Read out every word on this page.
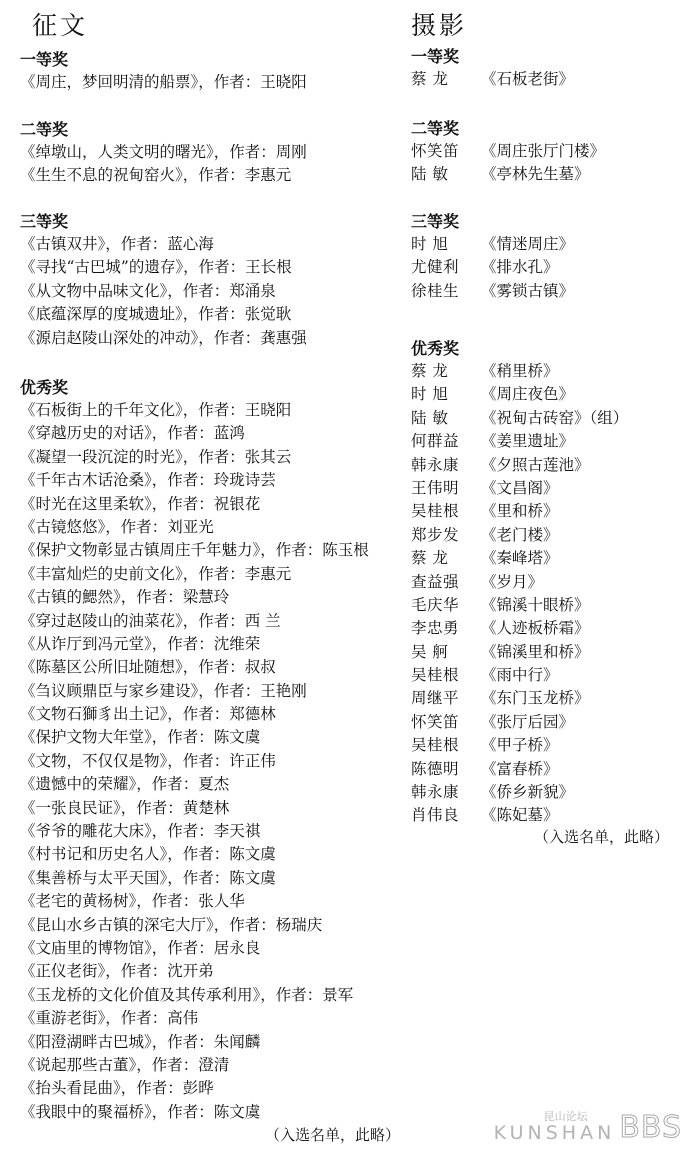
征文
一等奖
《周庄，梦回明清的船票》，作者：王晓阳
二等奖
《绰墩山，人类文明的曙光》，作者：周刚
《生生不息的祝甸窑火》，作者：李惠元
三等奖
《古镇双井》，作者：蓝心海
《寻找“古巴城”的遗存》，作者：王长根
《从文物中品味文化》，作者：郑涌泉
《底蕴深厚的度城遗址》，作者：张觉耿
《源启赵陵山深处的冲动》，作者：龚惠强
优秀奖
《石板街上的千年文化》，作者：王晓阳
《穿越历史的对话》，作者：蓝鸿
《凝望一段沉淀的时光》，作者：张其云
《千年古木话沧桑》，作者：玲珑诗芸
《时光在这里柔软》，作者：祝银花
《古镜悠悠》，作者：刘亚光
《保护文物彰显古镇周庄千年魅力》，作者：陈玉根
《丰富灿烂的史前文化》，作者：李惠元
《古镇的鰓然》，作者：梁慧玲
《穿过赵陵山的油菜花》，作者：西 兰
《从诈厅到冯元堂》，作者：沈维荣
《陈墓区公所旧址随想》，作者：叔叔
《刍议顾鼎臣与家乡建设》，作者：王艳刚
《文物石獅豸出土记》，作者：郑德林
《保护文物大年堂》，作者：陈文虞
《文物，不仅仅是物》，作者：许正伟
《遗憾中的荣耀》，作者：夏杰
《一张良民证》，作者：黄楚林
《爷爷的雕花大床》，作者：李天祺
《村书记和历史名人》，作者：陈文虞
《集善桥与太平天国》，作者：陈文虞
《老宅的黄杨树》，作者：张人华
《昆山水乡古镇的深宅大厅》，作者：杨瑞庆
《文庙里的博物馆》，作者：居永良
《正仪老街》，作者：沈开弟
《玉龙桥的文化价值及其传承利用》，作者：景军
《重游老街》，作者：高伟
《阳澄湖畔古巴城》，作者：朱闻麟
《说起那些古董》，作者：澄清
《抬头看昆曲》，作者：彭晔
《我眼中的聚福桥》，作者：陈文虞
摄影
一等奖
蔡 龙 《石板老街》
二等奖
怀笑笛 《周庄张厅门楼》
陆 敏 《亭林先生墓》
三等奖
时 旭 《情迷周庄》
尤健利 《排水孔》
徐桂生 《雾锁古镇》
优秀奖
蔡 龙 《稍里桥》
时 旭 《周庄夜色》
陆 敏 《祝甸古砖窑》（组）
何群益 《姜里遗址》
韩永康 《夕照古莲池》
王伟明 《文昌阁》
吴桂根 《里和桥》
郑步发 《老门楼》
蔡 龙 《秦峰塔》
查益强 《岁月》
毛庆华 《锦溪十眼桥》
李忠勇 《人迹板桥霜》
吴 舸 《锦溪里和桥》
吴桂根 《雨中行》
周继平 《东门玉龙桥》
怀笑笛 《张厅后园》
吴桂根 《甲子桥》
陈德明 《富春桥》
韩永康 《侨乡新貌》
肖伟良 《陈妃墓》
（入选名单，此略）
（入选名单，此略）
昆山论坛
KUNSHAN BBS
